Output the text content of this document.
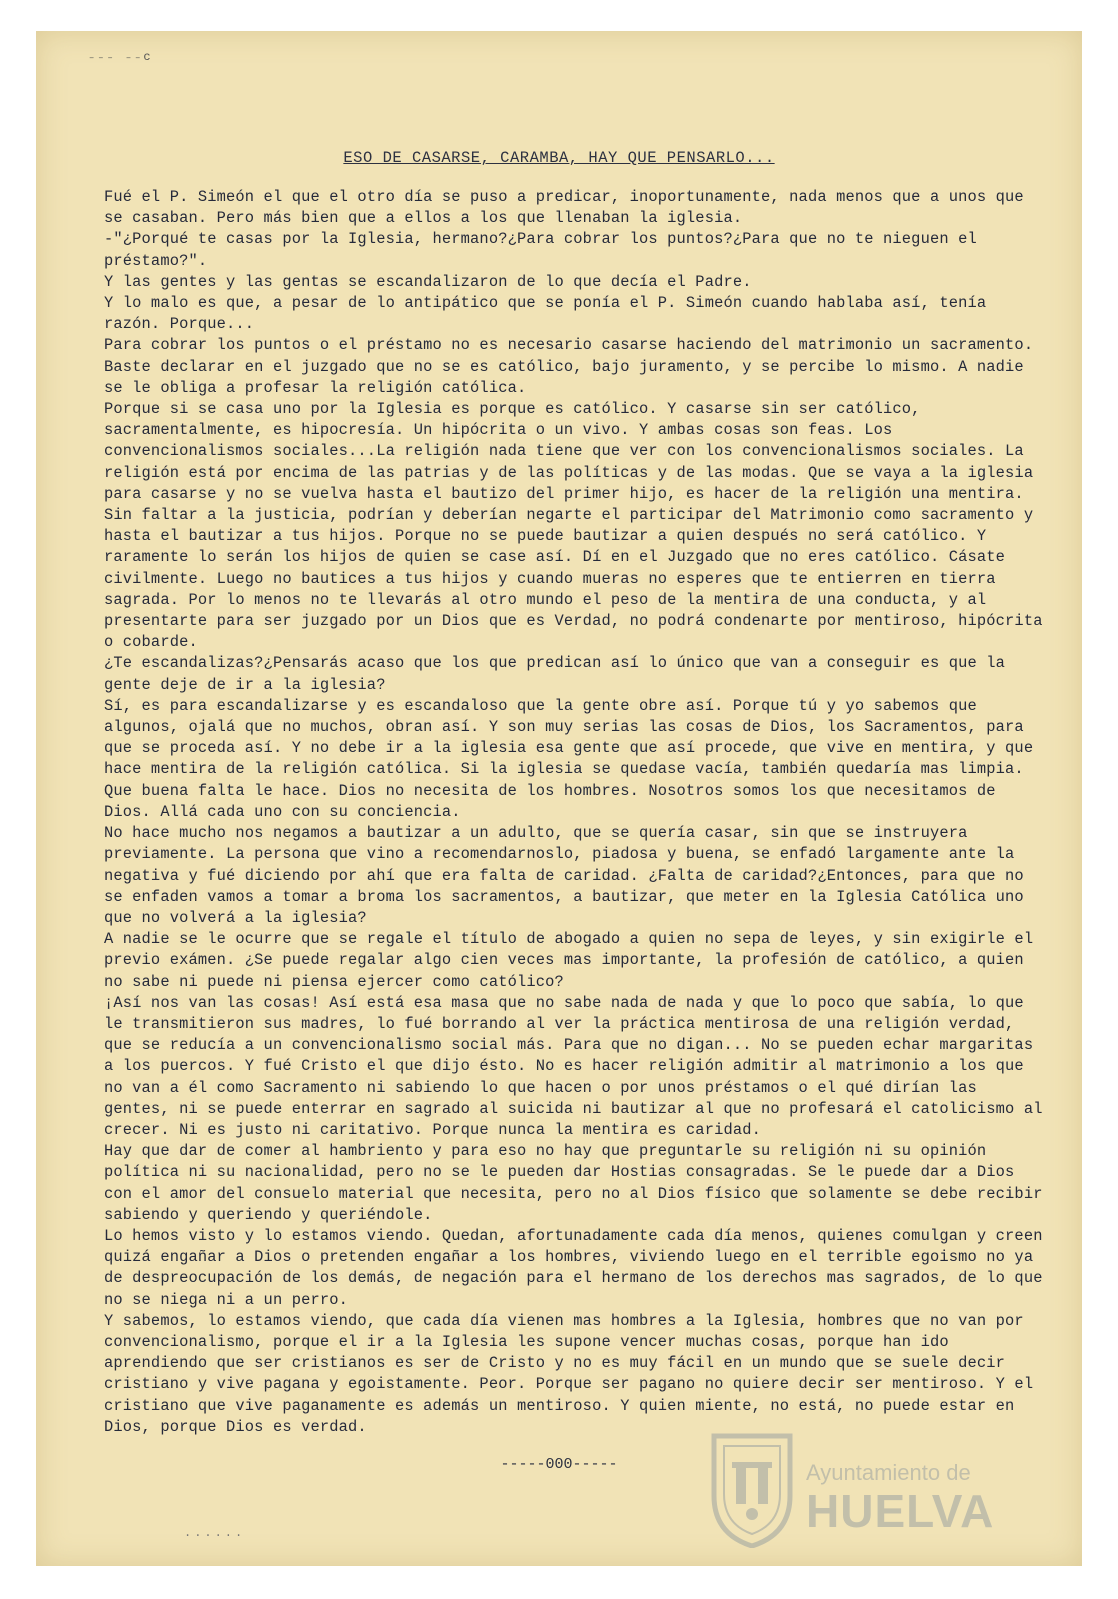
₋₋₋ ₋₋c
ESO DE CASARSE, CARAMBA, HAY QUE PENSARLO...

Fué el P. Simeón el que el otro día se puso a predicar, inoportunamente, nada menos que a unos que se casaban. Pero más bien que a ellos a los que llenaban la iglesia.

-"¿Porqué te casas por la Iglesia, hermano?¿Para cobrar los puntos?¿Para que no te nieguen el préstamo?".

Y las gentes y las gentas se escandalizaron de lo que decía el Padre.

Y lo malo es que, a pesar de lo antipático que se ponía el P. Simeón cuando hablaba así, tenía razón. Porque...

Para cobrar los puntos o el préstamo no es necesario casarse haciendo del matrimonio un sacramento. Baste declarar en el juzgado que no se es católico, bajo juramento, y se percibe lo mismo. A nadie se le obliga a profesar la religión católica.

Porque si se casa uno por la Iglesia es porque es católico. Y casarse sin ser católico, sacramentalmente, es hipocresía. Un hipócrita o un vivo. Y ambas cosas son feas. Los convencionalismos sociales...La religión nada tiene que ver con los convencionalismos sociales. La religión está por encima de las patrias y de las políticas y de las modas. Que se vaya a la iglesia para casarse y no se vuelva hasta el bautizo del primer hijo, es hacer de la religión una mentira. Sin faltar a la justicia, podrían y deberían negarte el participar del Matrimonio como sacramento y hasta el bautizar a tus hijos. Porque no se puede bautizar a quien después no será católico. Y raramente lo serán los hijos de quien se case así. Dí en el Juzgado que no eres católico. Cásate civilmente. Luego no bautices a tus hijos y cuando mueras no esperes que te entierren en tierra sagrada. Por lo menos no te llevarás al otro mundo el peso de la mentira de una conducta, y al presentarte para ser juzgado por un Dios que es Verdad, no podrá condenarte por mentiroso, hipócrita o cobarde.

¿Te escandalizas?¿Pensarás acaso que los que predican así lo único que van a conseguir es que la gente deje de ir a la iglesia?

Sí, es para escandalizarse y es escandaloso que la gente obre así. Porque tú y yo sabemos que algunos, ojalá que no muchos, obran así. Y son muy serias las cosas de Dios, los Sacramentos, para que se proceda así. Y no debe ir a la iglesia esa gente que así procede, que vive en mentira, y que hace mentira de la religión católica. Si la iglesia se quedase vacía, también quedaría mas limpia. Que buena falta le hace. Dios no necesita de los hombres. Nosotros somos los que necesitamos de Dios. Allá cada uno con su conciencia.

No hace mucho nos negamos a bautizar a un adulto, que se quería casar, sin que se instruyera previamente. La persona que vino a recomendarnoslo, piadosa y buena, se enfadó largamente ante la negativa y fué diciendo por ahí que era falta de caridad. ¿Falta de caridad?¿Entonces, para que no se enfaden vamos a tomar a broma los sacramentos, a bautizar, que meter en la Iglesia Católica uno que no volverá a la iglesia?

A nadie se le ocurre que se regale el título de abogado a quien no sepa de leyes, y sin exigirle el previo exámen. ¿Se puede regalar algo cien veces mas importante, la profesión de católico, a quien no sabe ni puede ni piensa ejercer como católico?

¡Así nos van las cosas! Así está esa masa que no sabe nada de nada y que lo poco que sabía, lo que le transmitieron sus madres, lo fué borrando al ver la práctica mentirosa de una religión verdad, que se reducía a un convencionalismo social más. Para que no digan... No se pueden echar margaritas a los puercos. Y fué Cristo el que dijo ésto. No es hacer religión admitir al matrimonio a los que no van a él como Sacramento ni sabiendo lo que hacen o por unos préstamos o el qué dirían las gentes, ni se puede enterrar en sagrado al suicida ni bautizar al que no profesará el catolicismo al crecer. Ni es justo ni caritativo. Porque nunca la mentira es caridad.

Hay que dar de comer al hambriento y para eso no hay que preguntarle su religión ni su opinión política ni su nacionalidad, pero no se le pueden dar Hostias consagradas. Se le puede dar a Dios con el amor del consuelo material que necesita, pero no al Dios físico que solamente se debe recibir sabiendo y queriendo y queriéndole.

Lo hemos visto y lo estamos viendo. Quedan, afortunadamente cada día menos, quienes comulgan y creen quizá engañar a Dios o pretenden engañar a los hombres, viviendo luego en el terrible egoismo no ya de despreocupación de los demás, de negación para el hermano de los derechos mas sagrados, de lo que no se niega ni a un perro.

Y sabemos, lo estamos viendo, que cada día vienen mas hombres a la Iglesia, hombres que no van por convencionalismo, porque el ir a la Iglesia les supone vencer muchas cosas, porque han ido aprendiendo que ser cristianos es ser de Cristo y no es muy fácil en un mundo que se suele decir cristiano y vive pagana y egoistamente. Peor. Porque ser pagano no quiere decir ser mentiroso. Y el cristiano que vive paganamente es además un mentiroso. Y quien miente, no está, no puede estar en Dios, porque Dios es verdad.

-----000-----
......
Ayuntamiento de
HUELVA
